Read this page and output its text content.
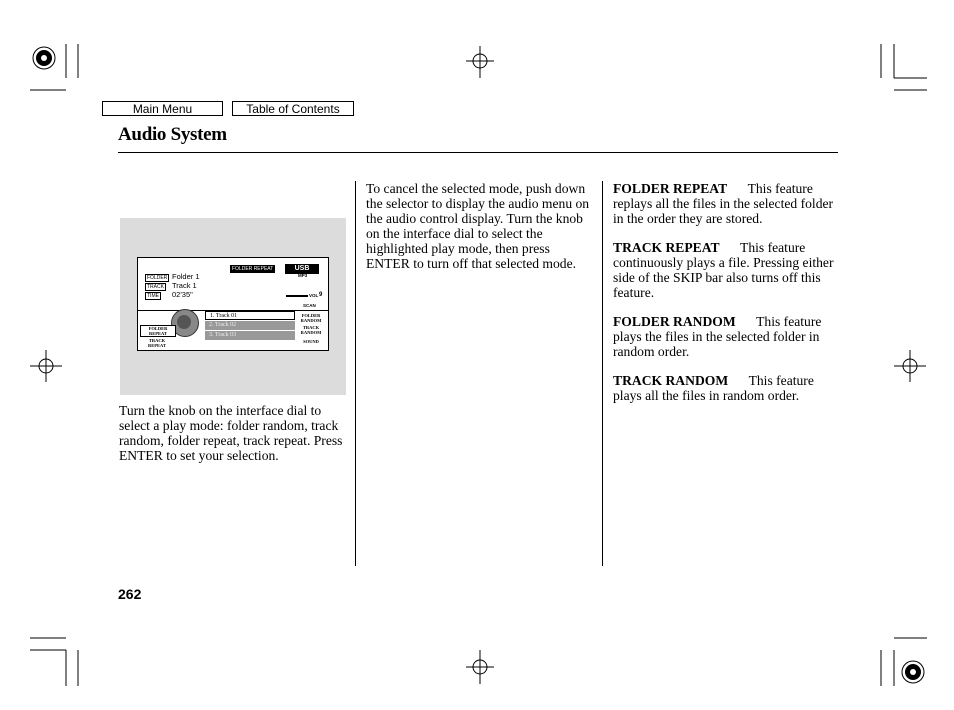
Main Menu	Table of Contents
Audio System
FOLDER Folder 1
TRACK Track 1
TIME 02'35"
FOLDER REPEAT	USB
MP3
VOL 9
SCAN
1. Track 01
2. Track 02
3. Track 03
FOLDER REPEAT
TRACK REPEAT
FOLDER RANDOM
TRACK RANDOM
SOUND
Turn the knob on the interface dial to select a play mode: folder random, track random, folder repeat, track repeat. Press ENTER to set your selection.
To cancel the selected mode, push down the selector to display the audio menu on the audio control display. Turn the knob on the interface dial to select the highlighted play mode, then press ENTER to turn off that selected mode.
FOLDER REPEAT This feature replays all the files in the selected folder in the order they are stored.
TRACK REPEAT This feature continuously plays a file. Pressing either side of the SKIP bar also turns off this feature.
FOLDER RANDOM This feature plays the files in the selected folder in random order.
TRACK RANDOM This feature plays all the files in random order.
262
